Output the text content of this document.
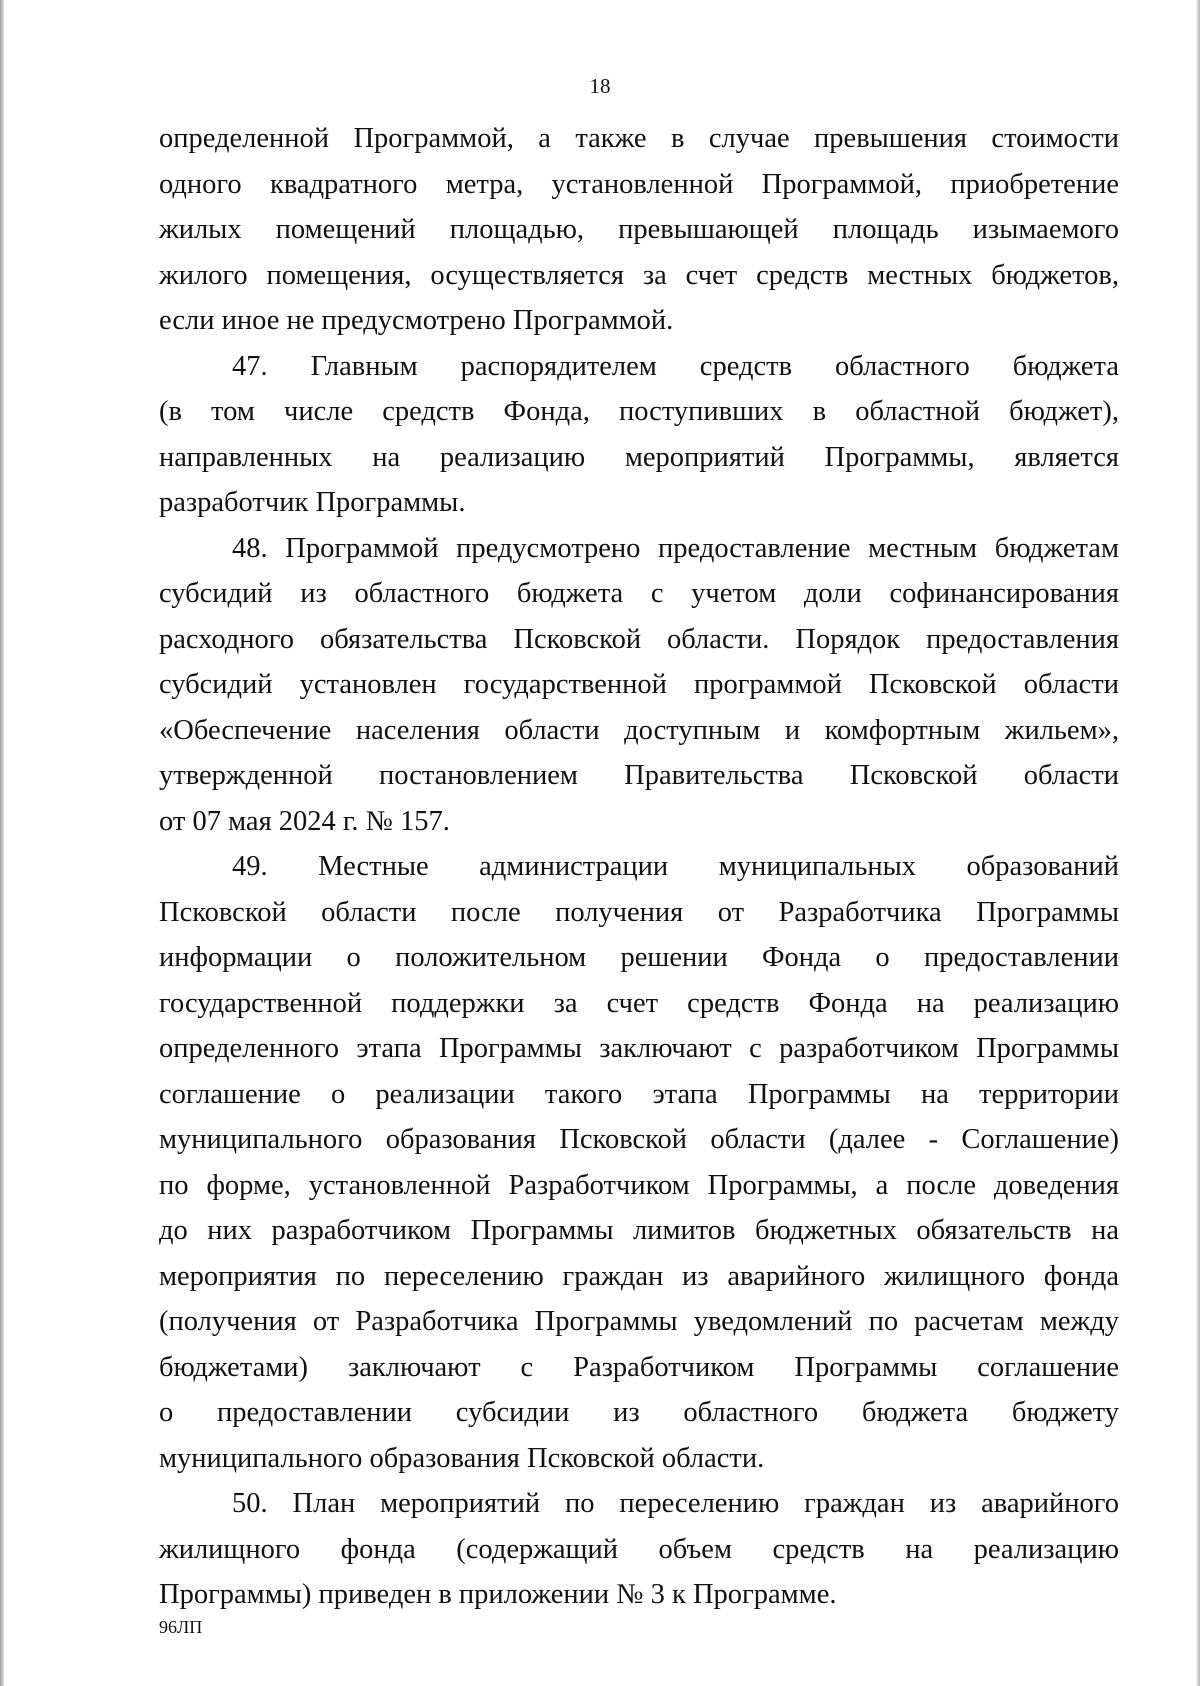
18
определенной Программой, а также в случае превышения стоимости
одного квадратного метра, установленной Программой, приобретение
жилых помещений площадью, превышающей площадь изымаемого
жилого помещения, осуществляется за счет средств местных бюджетов,
если иное не предусмотрено Программой.
47. Главным распорядителем средств областного бюджета
(в том числе средств Фонда, поступивших в областной бюджет),
направленных на реализацию мероприятий Программы, является
разработчик Программы.
48. Программой предусмотрено предоставление местным бюджетам
субсидий из областного бюджета с учетом доли софинансирования
расходного обязательства Псковской области. Порядок предоставления
субсидий установлен государственной программой Псковской области
«Обеспечение населения области доступным и комфортным жильем»,
утвержденной постановлением Правительства Псковской области
от 07 мая 2024 г. № 157.
49. Местные администрации муниципальных образований
Псковской области после получения от Разработчика Программы
информации о положительном решении Фонда о предоставлении
государственной поддержки за счет средств Фонда на реализацию
определенного этапа Программы заключают с разработчиком Программы
соглашение о реализации такого этапа Программы на территории
муниципального образования Псковской области (далее - Соглашение)
по форме, установленной Разработчиком Программы, а после доведения
до них разработчиком Программы лимитов бюджетных обязательств на
мероприятия по переселению граждан из аварийного жилищного фонда
(получения от Разработчика Программы уведомлений по расчетам между
бюджетами) заключают с Разработчиком Программы соглашение
о предоставлении субсидии из областного бюджета бюджету
муниципального образования Псковской области.
50. План мероприятий по переселению граждан из аварийного
жилищного фонда (содержащий объем средств на реализацию
Программы) приведен в приложении № 3 к Программе.
96ЛП
